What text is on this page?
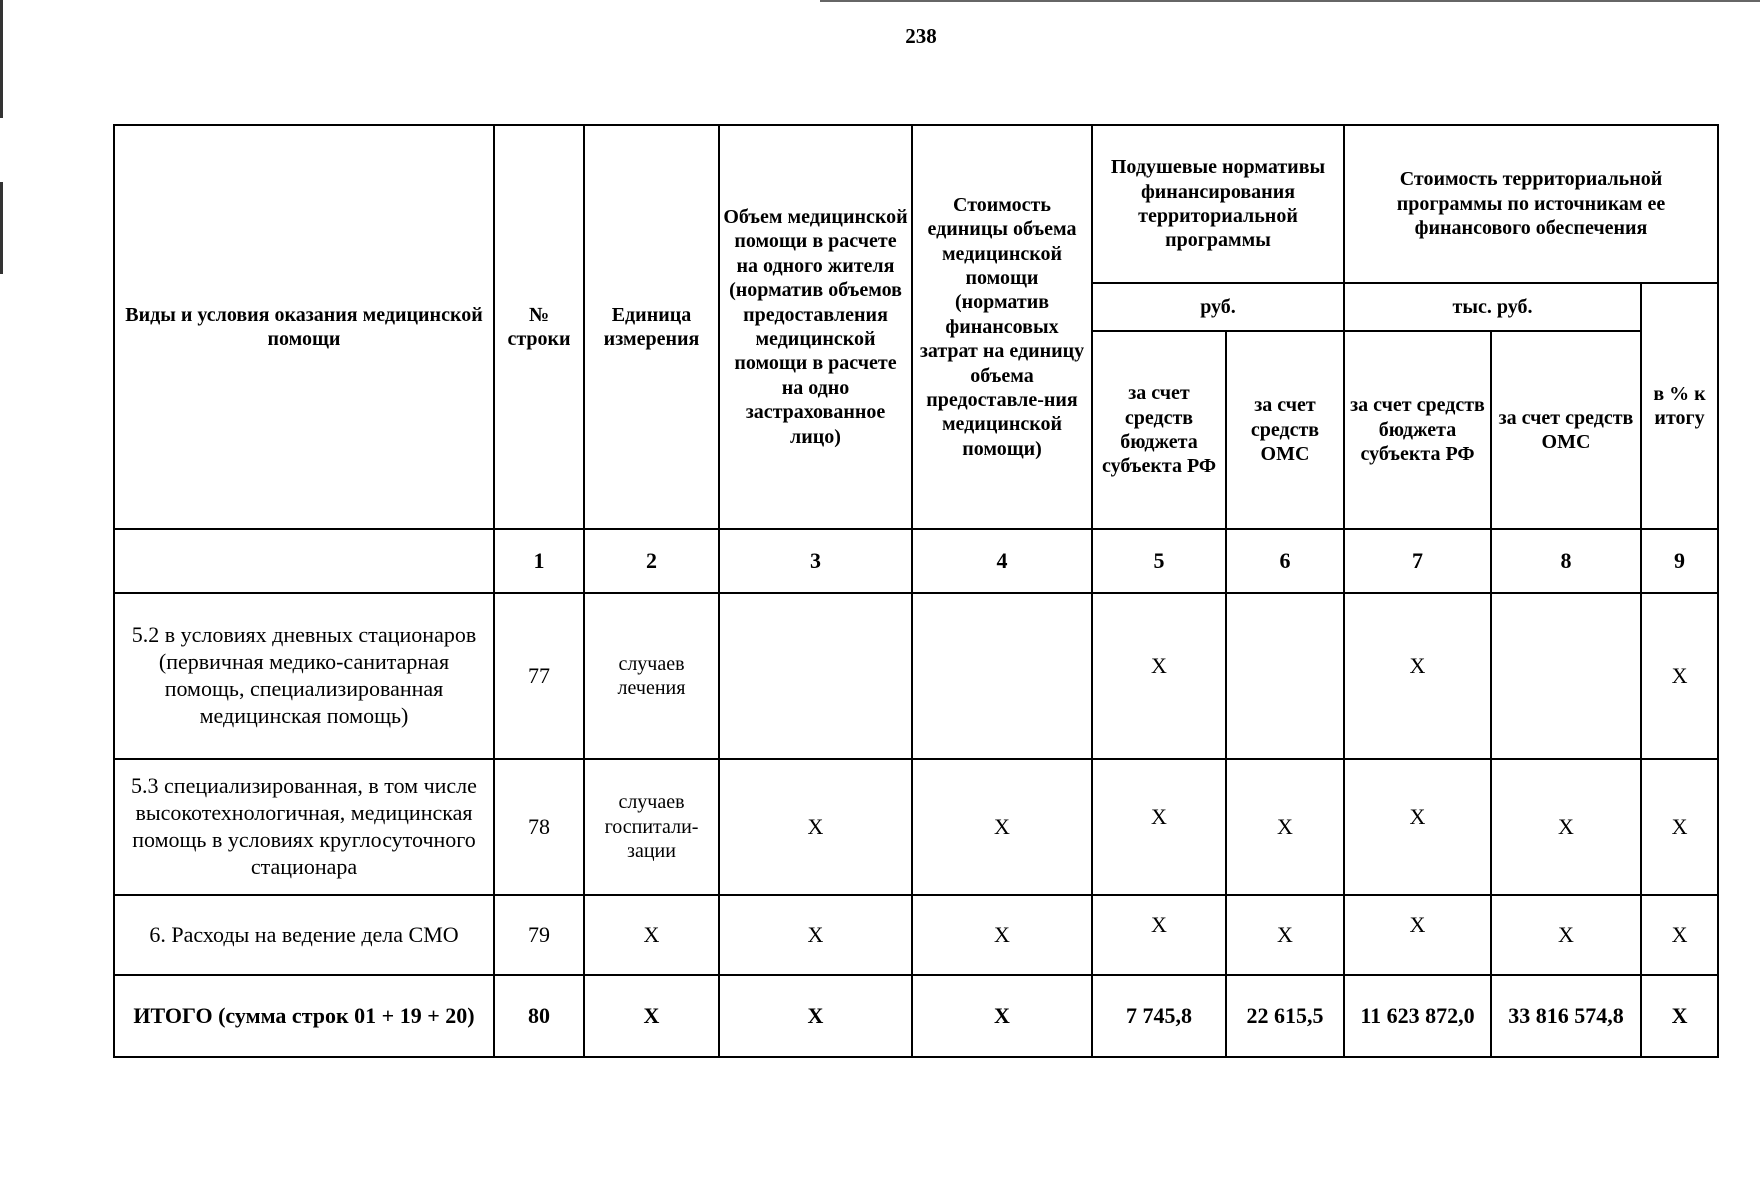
238
Виды и условия оказания медицинской помощи	№ строки	Единица измерения	Объем медицинской помощи в расчете на одного жителя (норматив объемов предоставления медицинской помощи в расчете на одно застрахованное лицо)	Стоимость единицы объема медицинской помощи (норматив финансовых затрат на единицу объема предоставле-ния медицинской помощи)	Подушевые нормативы финансирования территориальной программы		Стоимость территориальной программы по источникам ее финансового обеспечения		
					руб.		тыс. руб.		в % к итогу
					за счет средств бюджета субъекта РФ	за счет средств ОМС	за счет средств бюджета субъекта РФ	за счет средств ОМС	
	1	2	3	4	5	6	7	8	9
5.2 в условиях дневных стационаров (первичная медико-санитарная помощь, специализированная медицинская помощь)	77	случаев лечения			Х		Х		Х
5.3 специализированная, в том числе высокотехнологичная, медицинская помощь в условиях круглосуточного стационара	78	случаев госпитали-зации	Х	Х	Х	Х	Х	Х	Х
6. Расходы на ведение дела СМО	79	Х	Х	Х	Х	Х	Х	Х	Х
ИТОГО (сумма строк 01 + 19 + 20)	80	Х	Х	Х	7 745,8	22 615,5	11 623 872,0	33 816 574,8	Х
